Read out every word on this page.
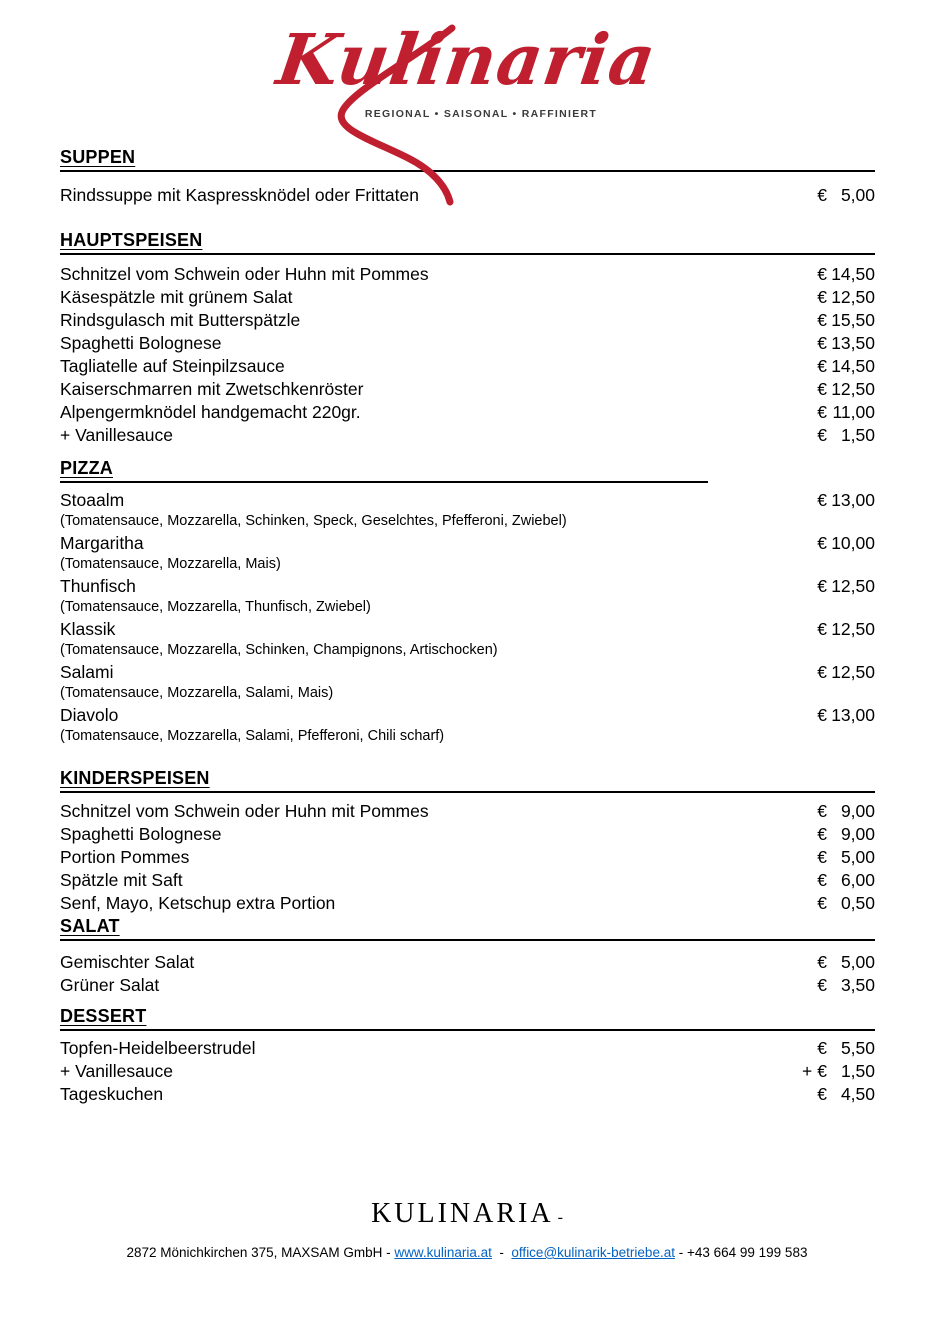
Kulinaria
REGIONAL • SAISONAL • RAFFINIERT
SUPPEN
Rindssuppe mit Kaspressknödel oder Frittaten	€ 5,00
HAUPTSPEISEN
Schnitzel vom Schwein oder Huhn mit Pommes	€ 14,50
Käsespätzle mit grünem Salat	€ 12,50
Rindsgulasch mit Butterspätzle	€ 15,50
Spaghetti Bolognese	€ 13,50
Tagliatelle auf Steinpilzsauce	€ 14,50
Kaiserschmarren mit Zwetschkenröster	€ 12,50
Alpengermknödel handgemacht 220gr.	€ 11,00
+ Vanillesauce	€ 1,50
PIZZA
Stoaalm	€ 13,00
(Tomatensauce, Mozzarella, Schinken, Speck, Geselchtes, Pfefferoni, Zwiebel)
Margaritha	€ 10,00
(Tomatensauce, Mozzarella, Mais)
Thunfisch	€ 12,50
(Tomatensauce, Mozzarella, Thunfisch, Zwiebel)
Klassik	€ 12,50
(Tomatensauce, Mozzarella, Schinken, Champignons, Artischocken)
Salami	€ 12,50
(Tomatensauce, Mozzarella, Salami, Mais)
Diavolo	€ 13,00
(Tomatensauce, Mozzarella, Salami, Pfefferoni, Chili scharf)
KINDERSPEISEN
Schnitzel vom Schwein oder Huhn mit Pommes	€ 9,00
Spaghetti Bolognese	€ 9,00
Portion Pommes	€ 5,00
Spätzle mit Saft	€ 6,00
Senf, Mayo, Ketschup extra Portion	€ 0,50
SALAT
Gemischter Salat	€ 5,00
Grüner Salat	€ 3,50
DESSERT
Topfen-Heidelbeerstrudel	€ 5,50
+ Vanillesauce	+ € 1,50
Tageskuchen	€ 4,50
KULINARIA -
2872 Mönichkirchen 375, MAXSAM GmbH - www.kulinaria.at  -  office@kulinarik-betriebe.at - +43 664 99 199 583
